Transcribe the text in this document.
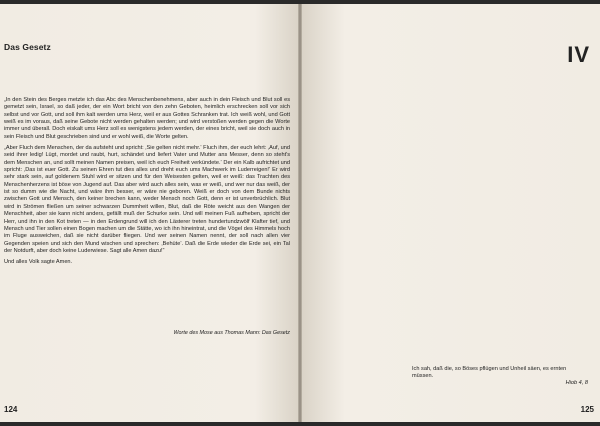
Das Gesetz

„In den Stein des Berges metzte ich das Abc des Menschenbenehmens, aber auch in dein Fleisch und Blut soll es gemetzt sein, Israel, so daß jeder, der ein Wort bricht von den zehn Geboten, heimlich erschrecken soll vor sich selbst und vor Gott, und soll ihm kalt werden ums Herz, weil er aus Gottes Schranken trat. Ich weiß wohl, und Gott weiß es im voraus, daß seine Gebote nicht werden gehalten werden; und wird verstoßen werden gegen die Worte immer und überall. Doch eiskalt ums Herz soll es wenigstens jedem werden, der eines bricht, weil sie doch auch in sein Fleisch und Blut geschrieben sind und er wohl weiß, die Worte gelten.

„Aber Fluch dem Menschen, der da aufsteht und spricht: ‚Sie gelten nicht mehr.‘ Fluch ihm, der euch lehrt: ‚Auf, und seid ihrer ledig! Lügt, mordet und raubt, hurt, schändet und liefert Vater und Mutter ans Messer, denn so steht's dem Menschen an, und sollt meinen Namen preisen, weil ich euch Freiheit verkündete.‘ Der ein Kalb aufrichtet und spricht: ‚Das ist euer Gott. Zu seinen Ehren tut dies alles und dreht euch ums Machwerk im Luderreigen!‘ Er wird sehr stark sein, auf goldenem Stuhl wird er sitzen und für den Weisesten gelten, weil er weiß: das Trachten des Menschenherzens ist böse von Jugend auf. Das aber wird auch alles sein, was er weiß, und wer nur das weiß, der ist so dumm wie die Nacht, und wäre ihm besser, er wäre nie geboren. Weiß er doch von dem Bunde nichts zwischen Gott und Mensch, den keiner brechen kann, weder Mensch noch Gott, denn er ist unverbrüchlich. Blut wird in Strömen fließen um seiner schwarzen Dummheit willen, Blut, daß die Röte weicht aus den Wangen der Menschheit, aber sie kann nicht anders, gefällt muß der Schurke sein. Und will meinen Fuß aufheben, spricht der Herr, und ihn in den Kot treten — in den Erdengrund will ich den Lästerer treten hundertundzwölf Klafter tief, und Mensch und Tier sollen einen Bogen machen um die Stätte, wo ich ihn hineintrat, und die Vögel des Himmels hoch im Fluge ausweichen, daß sie nicht darüber fliegen. Und wer seinen Namen nennt, der soll nach allen vier Gegenden speien und sich den Mund wischen und sprechen: ‚Behüte‘. Daß die Erde wieder die Erde sei, ein Tal der Notdurft, aber doch keine Luderwiese. Sagt alle Amen dazu!“

Und alles Volk sagte Amen.

Worte des Mose aus Thomas Mann: Das Gesetz
124
IV
Ich sah, daß die, so Böses pflügen und Unheil säen, es ernten müssen.
Hiob 4, 8
125
